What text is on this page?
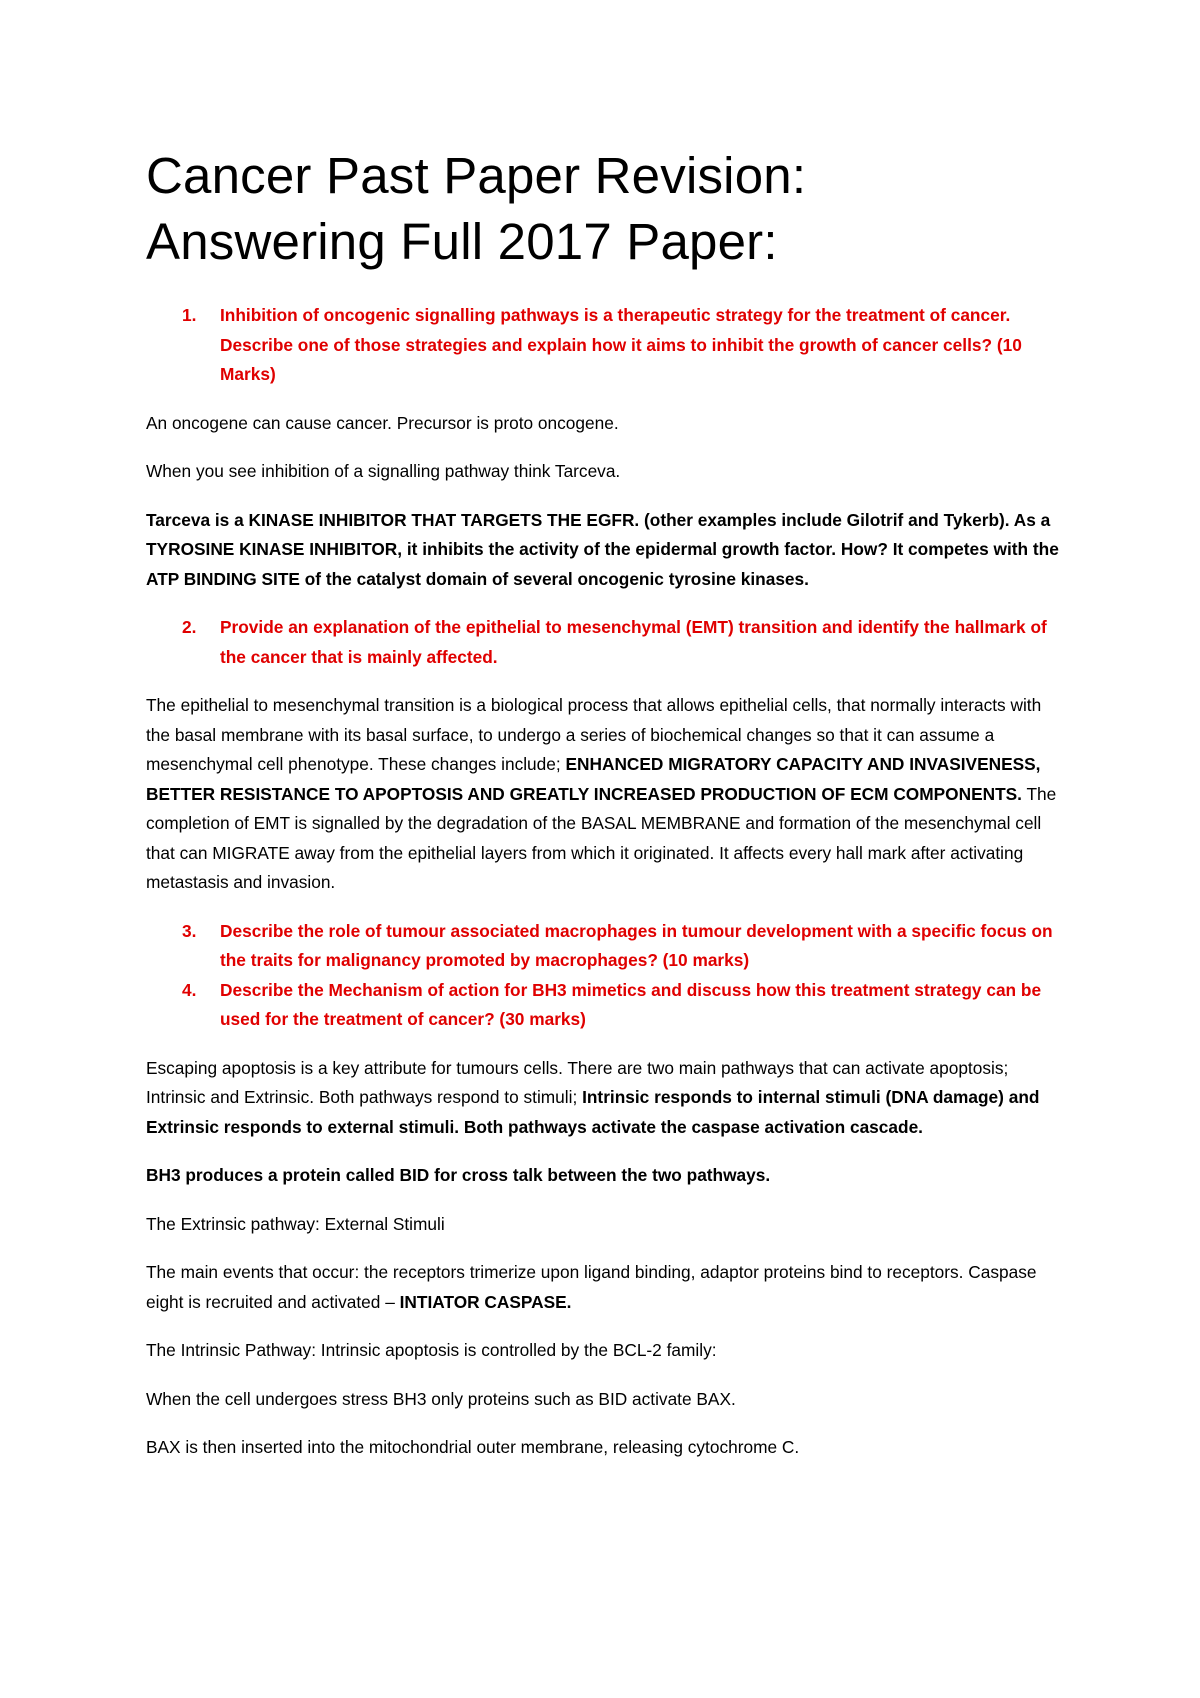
Cancer Past Paper Revision:
Answering Full 2017 Paper:
1.	Inhibition of oncogenic signalling pathways is a therapeutic strategy for the treatment of cancer. Describe one of those strategies and explain how it aims to inhibit the growth of cancer cells? (10 Marks)

An oncogene can cause cancer. Precursor is proto oncogene.

When you see inhibition of a signalling pathway think Tarceva.

Tarceva is a KINASE INHIBITOR THAT TARGETS THE EGFR. (other examples include Gilotrif and Tykerb). As a TYROSINE KINASE INHIBITOR, it inhibits the activity of the epidermal growth factor. How? It competes with the ATP BINDING SITE of the catalyst domain of several oncogenic tyrosine kinases.

2.	Provide an explanation of the epithelial to mesenchymal (EMT) transition and identify the hallmark of the cancer that is mainly affected.

The epithelial to mesenchymal transition is a biological process that allows epithelial cells, that normally interacts with the basal membrane with its basal surface, to undergo a series of biochemical changes so that it can assume a mesenchymal cell phenotype. These changes include; ENHANCED MIGRATORY CAPACITY AND INVASIVENESS, BETTER RESISTANCE TO APOPTOSIS AND GREATLY INCREASED PRODUCTION OF ECM COMPONENTS. The completion of EMT is signalled by the degradation of the BASAL MEMBRANE and formation of the mesenchymal cell that can MIGRATE away from the epithelial layers from which it originated. It affects every hall mark after activating metastasis and invasion.

3.	Describe the role of tumour associated macrophages in tumour development with a specific focus on the traits for malignancy promoted by macrophages? (10 marks)
4.	Describe the Mechanism of action for BH3 mimetics and discuss how this treatment strategy can be used for the treatment of cancer? (30 marks)

Escaping apoptosis is a key attribute for tumours cells. There are two main pathways that can activate apoptosis; Intrinsic and Extrinsic. Both pathways respond to stimuli; Intrinsic responds to internal stimuli (DNA damage) and Extrinsic responds to external stimuli. Both pathways activate the caspase activation cascade.

BH3 produces a protein called BID for cross talk between the two pathways.

The Extrinsic pathway: External Stimuli

The main events that occur: the receptors trimerize upon ligand binding, adaptor proteins bind to receptors. Caspase eight is recruited and activated – INTIATOR CASPASE.

The Intrinsic Pathway: Intrinsic apoptosis is controlled by the BCL-2 family:

When the cell undergoes stress BH3 only proteins such as BID activate BAX.

BAX is then inserted into the mitochondrial outer membrane, releasing cytochrome C.
